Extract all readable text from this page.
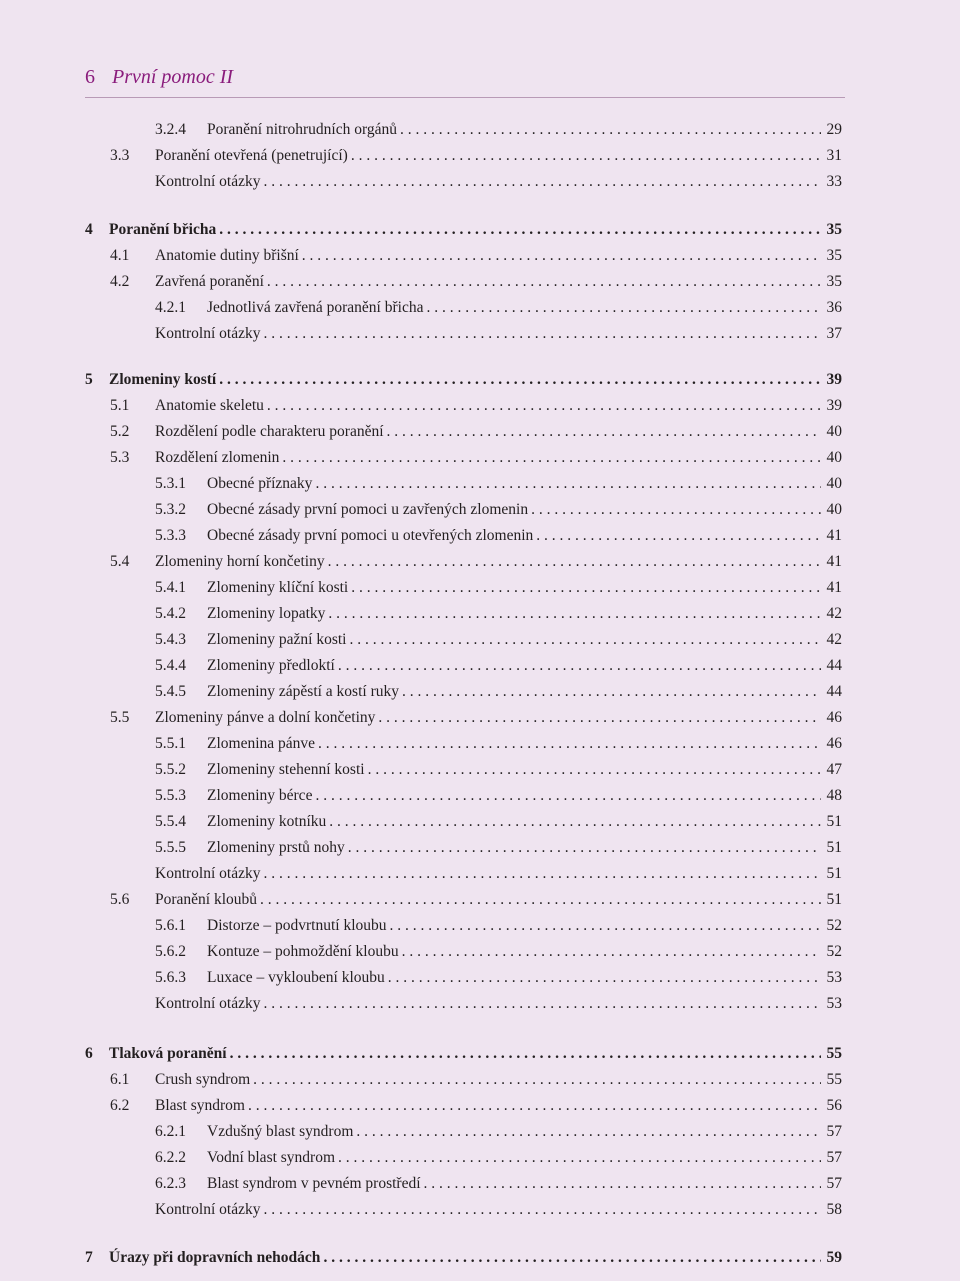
6 První pomoc II
3.2.4	Poranění nitrohrudních orgánů . . .	29
3.3	Poranění otevřená (penetrující) . . .	31
Kontrolní otázky . . .	33
4	Poranění břicha . . .	35
4.1	Anatomie dutiny břišní . . .	35
4.2	Zavřená poranění . . .	35
4.2.1	Jednotlivá zavřená poranění břicha . . .	36
Kontrolní otázky . . .	37
5	Zlomeniny kostí . . .	39
5.1	Anatomie skeletu . . .	39
5.2	Rozdělení podle charakteru poranění . . .	40
5.3	Rozdělení zlomenin . . .	40
5.3.1	Obecné příznaky . . .	40
5.3.2	Obecné zásady první pomoci u zavřených zlomenin . . .	40
5.3.3	Obecné zásady první pomoci u otevřených zlomenin . . .	41
5.4	Zlomeniny horní končetiny . . .	41
5.4.1	Zlomeniny klíční kosti . . .	41
5.4.2	Zlomeniny lopatky . . .	42
5.4.3	Zlomeniny pažní kosti . . .	42
5.4.4	Zlomeniny předloktí . . .	44
5.4.5	Zlomeniny zápěstí a kostí ruky . . .	44
5.5	Zlomeniny pánve a dolní končetiny . . .	46
5.5.1	Zlomenina pánve . . .	46
5.5.2	Zlomeniny stehenní kosti . . .	47
5.5.3	Zlomeniny bérce . . .	48
5.5.4	Zlomeniny kotníku . . .	51
5.5.5	Zlomeniny prstů nohy . . .	51
Kontrolní otázky . . .	51
5.6	Poranění kloubů . . .	51
5.6.1	Distorze – podvrtnutí kloubu . . .	52
5.6.2	Kontuze – pohmoždění kloubu . . .	52
5.6.3	Luxace – vykloubení kloubu . . .	53
Kontrolní otázky . . .	53
6	Tlaková poranění . . .	55
6.1	Crush syndrom . . .	55
6.2	Blast syndrom . . .	56
6.2.1	Vzdušný blast syndrom . . .	57
6.2.2	Vodní blast syndrom . . .	57
6.2.3	Blast syndrom v pevném prostředí . . .	57
Kontrolní otázky . . .	58
7	Úrazy při dopravních nehodách . . .	59
